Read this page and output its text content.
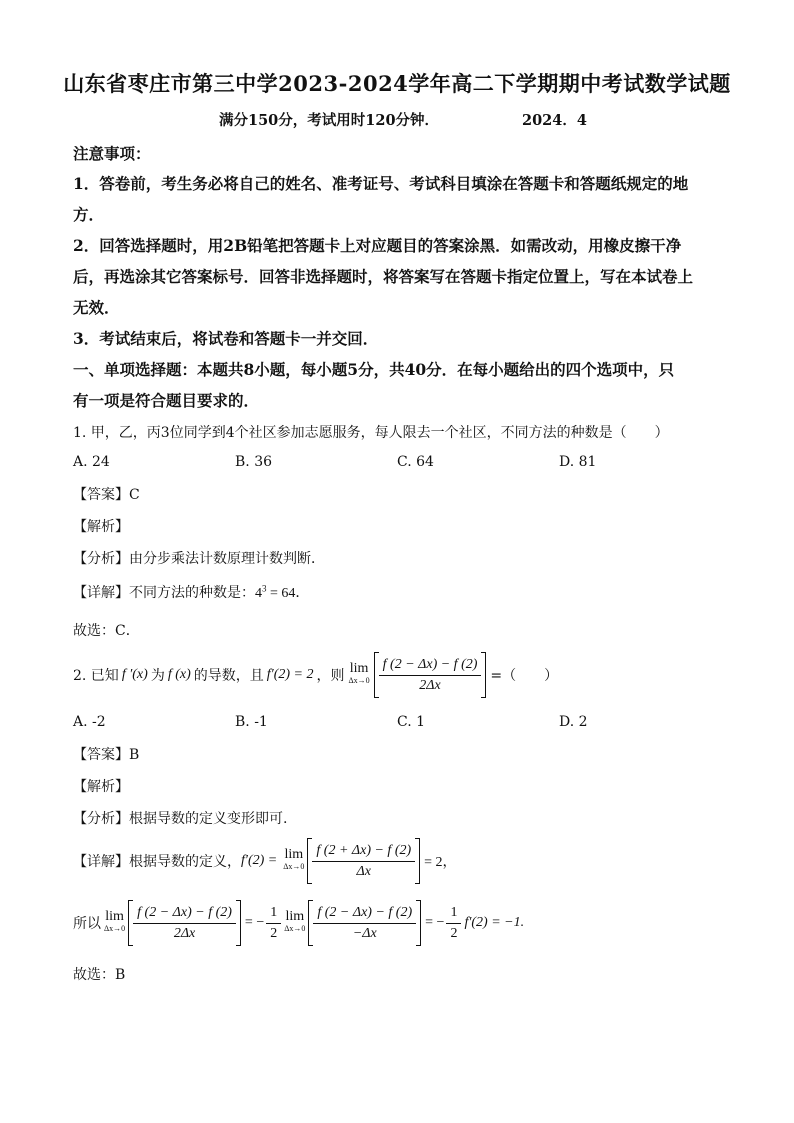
山东省枣庄市第三中学2023-2024学年高二下学期期中考试数学试题
满分150分，考试用时120分钟．	2024．4
注意事项：
1．答卷前，考生务必将自己的姓名、准考证号、考试科目填涂在答题卡和答题纸规定的地
方．
2．回答选择题时，用2B铅笔把答题卡上对应题目的答案涂黑．如需改动，用橡皮擦干净
后，再选涂其它答案标号．回答非选择题时，将答案写在答题卡指定位置上，写在本试卷上
无效．
3．考试结束后，将试卷和答题卡一并交回．
一、单项选择题：本题共8小题，每小题5分，共40分．在每小题给出的四个选项中，只
有一项是符合题目要求的．
1. 甲，乙，丙3位同学到4个社区参加志愿服务，每人限去一个社区，不同方法的种数是（　　）
A. 24	B. 36	C. 64	D. 81
【答案】C
【解析】
【分析】由分步乘法计数原理计数判断．
【详解】不同方法的种数是：$4^3 = 64$．
故选：C．
2. 已知 f ′(x) 为 f (x) 的导数，且 f′(2) = 2 ，则 lim
$\Delta x\to 0 \frac{f (2 - \Delta x) - f (2)}{2\Delta x}$ =（　　）
A. -2	B. -1	C. 1	D. 2
【答案】B
【解析】
【分析】根据导数的定义变形即可.
【详解】 根据导数的定义， f′(2) = lim
$\Delta x\to 0 \frac{f (2 + \Delta x) - f (2)}{\Delta x} = 2$，
所以 lim
$\Delta x\to 0 \frac{f (2 - \Delta x) - f (2)}{2\Delta x}$ = − $\frac{1}{2}$ lim
$\Delta x\to 0 \frac{f (2 - \Delta x) - f (2)}{-\Delta x}$ = − $\frac{1}{2} f'(2) = -1$.
故选：B
